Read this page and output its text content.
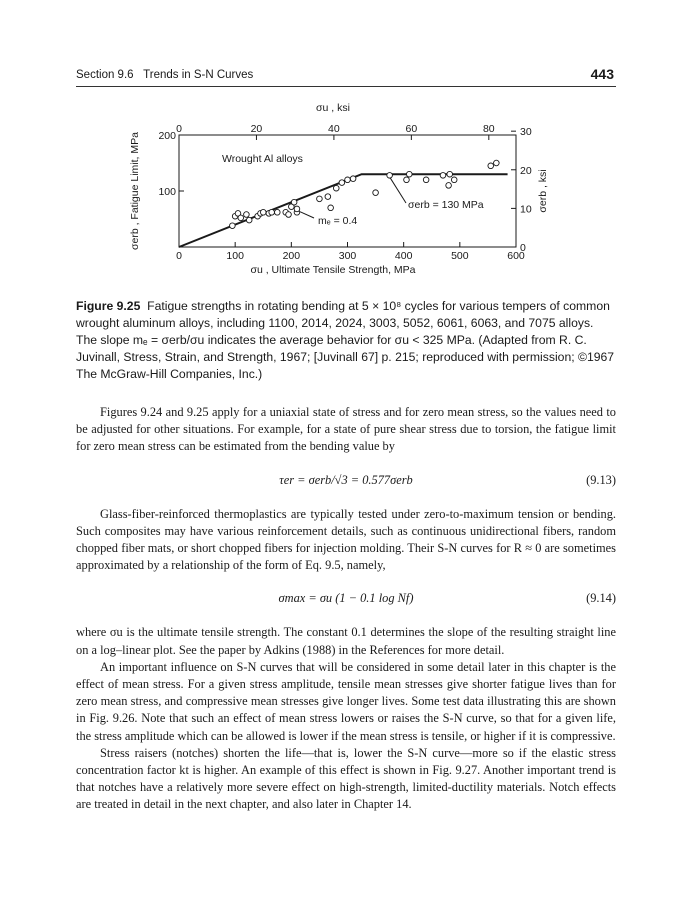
Section 9.6 Trends in S-N Curves	443
0	100	200	300	400	500	600
100
200
0	20	40	60	80
0
10
20
30
σu , ksi
σu , Ultimate Tensile Strength, MPa
σerb , Fatigue Limit, MPa	σerb , ksi
Wrought Al alloys
mₑ = 0.4
σerb = 130 MPa
Figure 9.25 Fatigue strengths in rotating bending at 5 × 10⁸ cycles for various tempers of common wrought aluminum alloys, including 1100, 2014, 2024, 3003, 5052, 6061, 6063, and 7075 alloys. The slope mₑ = σerb/σu indicates the average behavior for σu < 325 MPa. (Adapted from R. C. Juvinall, Stress, Strain, and Strength, 1967; [Juvinall 67] p. 215; reproduced with permission; ©1967 The McGraw-Hill Companies, Inc.)

Figures 9.24 and 9.25 apply for a uniaxial state of stress and for zero mean stress, so the values need to be adjusted for other situations. For example, for a state of pure shear stress due to torsion, the fatigue limit for zero mean stress can be estimated from the bending value by

τer = σerb/√3 = 0.577σerb	(9.13)

Glass-fiber-reinforced thermoplastics are typically tested under zero-to-maximum tension or bending. Such composites may have various reinforcement details, such as continuous unidirectional fibers, random chopped fiber mats, or short chopped fibers for injection molding. Their S-N curves for R ≈ 0 are sometimes approximated by a relationship of the form of Eq. 9.5, namely,

σmax = σu (1 − 0.1 log Nf)	(9.14)

where σu is the ultimate tensile strength. The constant 0.1 determines the slope of the resulting straight line on a log–linear plot. See the paper by Adkins (1988) in the References for more detail.

An important influence on S-N curves that will be considered in some detail later in this chapter is the effect of mean stress. For a given stress amplitude, tensile mean stresses give shorter fatigue lives than for zero mean stress, and compressive mean stresses give longer lives. Some test data illustrating this are shown in Fig. 9.26. Note that such an effect of mean stress lowers or raises the S-N curve, so that for a given life, the stress amplitude which can be allowed is lower if the mean stress is tensile, or higher if it is compressive.

Stress raisers (notches) shorten the life—that is, lower the S-N curve—more so if the elastic stress concentration factor kt is higher. An example of this effect is shown in Fig. 9.27. Another important trend is that notches have a relatively more severe effect on high-strength, limited-ductility materials. Notch effects are treated in detail in the next chapter, and also later in Chapter 14.
